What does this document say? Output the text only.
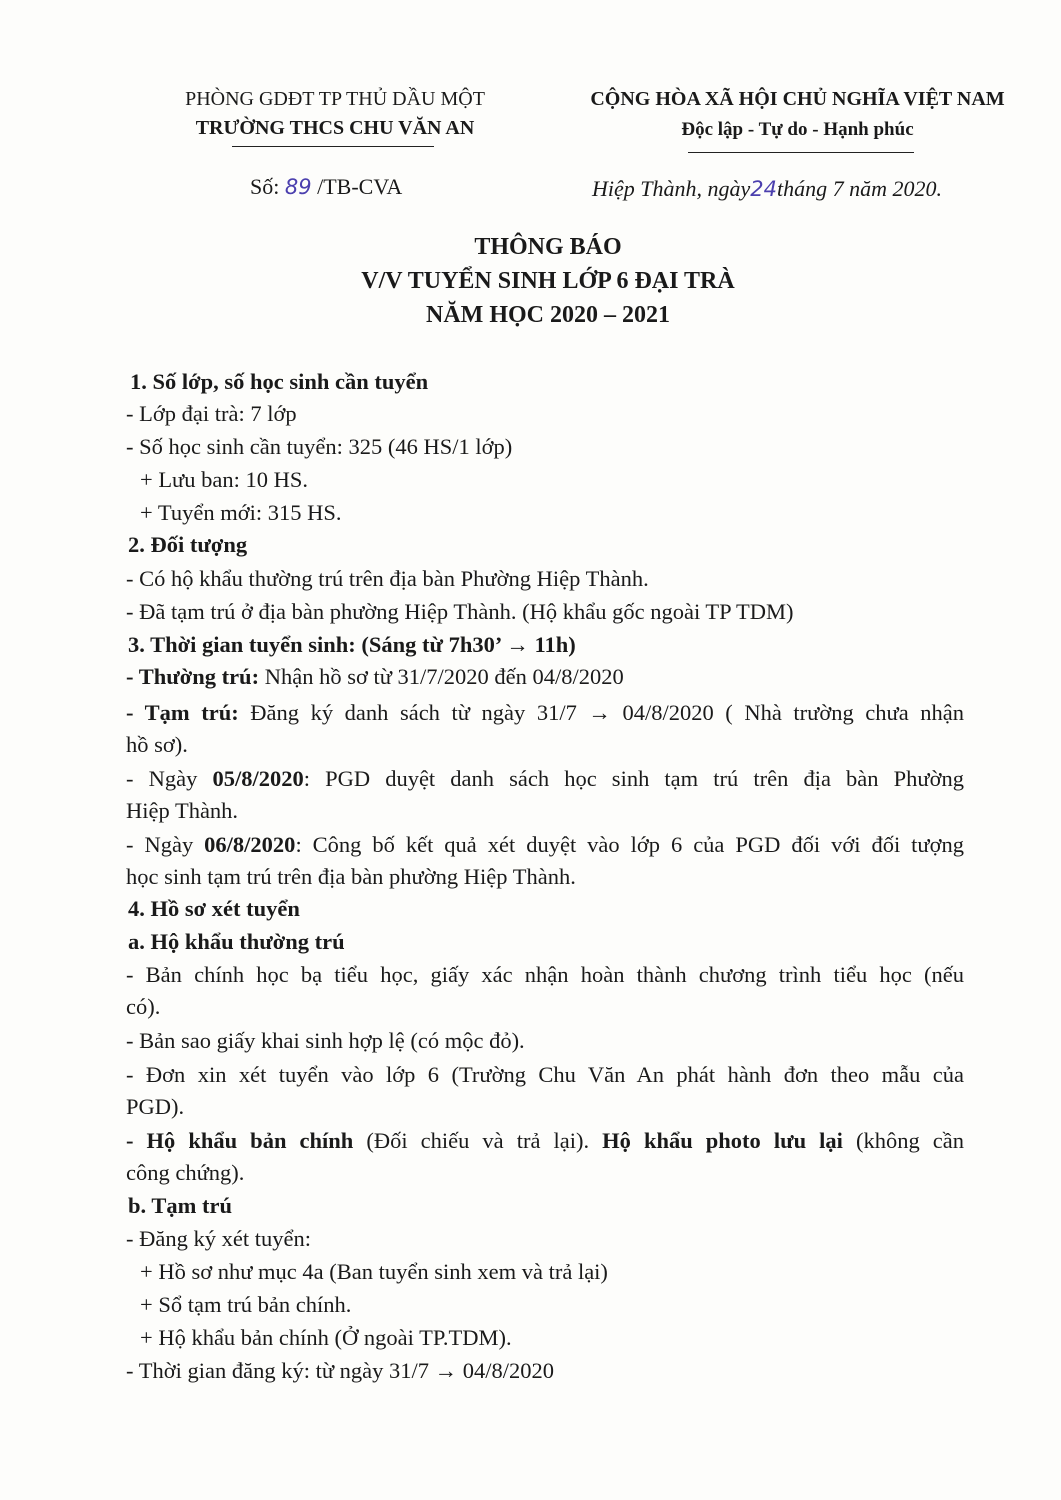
PHÒNG GDĐT TP THỦ DẦU MỘT
TRƯỜNG THCS CHU VĂN AN
CỘNG HÒA XÃ HỘI CHỦ NGHĨA VIỆT NAM
Độc lập - Tự do - Hạnh phúc
Số: 89 /TB-CVA	Hiệp Thành, ngày24tháng 7 năm 2020.
THÔNG BÁO
V/V TUYỂN SINH LỚP 6 ĐẠI TRÀ
NĂM HỌC 2020 – 2021
1. Số lớp, số học sinh cần tuyển
- Lớp đại trà: 7 lớp
- Số học sinh cần tuyển: 325 (46 HS/1 lớp)
+ Lưu ban: 10 HS.
+ Tuyển mới: 315 HS.
2. Đối tượng
- Có hộ khẩu thường trú trên địa bàn Phường Hiệp Thành.
- Đã tạm trú ở địa bàn phường Hiệp Thành. (Hộ khẩu gốc ngoài TP TDM)
3. Thời gian tuyển sinh: (Sáng từ 7h30’ → 11h)
- Thường trú: Nhận hồ sơ từ 31/7/2020 đến 04/8/2020
- Tạm trú: Đăng ký danh sách từ ngày 31/7 → 04/8/2020 ( Nhà trường chưa nhận
hồ sơ).
- Ngày 05/8/2020: PGD duyệt danh sách học sinh tạm trú trên địa bàn Phường
Hiệp Thành.
- Ngày 06/8/2020: Công bố kết quả xét duyệt vào lớp 6 của PGD đối với đối tượng
học sinh tạm trú trên địa bàn phường Hiệp Thành.
4. Hồ sơ xét tuyển
a. Hộ khẩu thường trú
- Bản chính học bạ tiểu học, giấy xác nhận hoàn thành chương trình tiểu học (nếu
có).
- Bản sao giấy khai sinh hợp lệ (có mộc đỏ).
- Đơn xin xét tuyển vào lớp 6 (Trường Chu Văn An phát hành đơn theo mẫu của
PGD).
- Hộ khẩu bản chính (Đối chiếu và trả lại). Hộ khẩu photo lưu lại (không cần
công chứng).
b. Tạm trú
- Đăng ký xét tuyển:
+ Hồ sơ như mục 4a (Ban tuyển sinh xem và trả lại)
+ Sổ tạm trú bản chính.
+ Hộ khẩu bản chính (Ở ngoài TP.TDM).
- Thời gian đăng ký: từ ngày 31/7 → 04/8/2020
